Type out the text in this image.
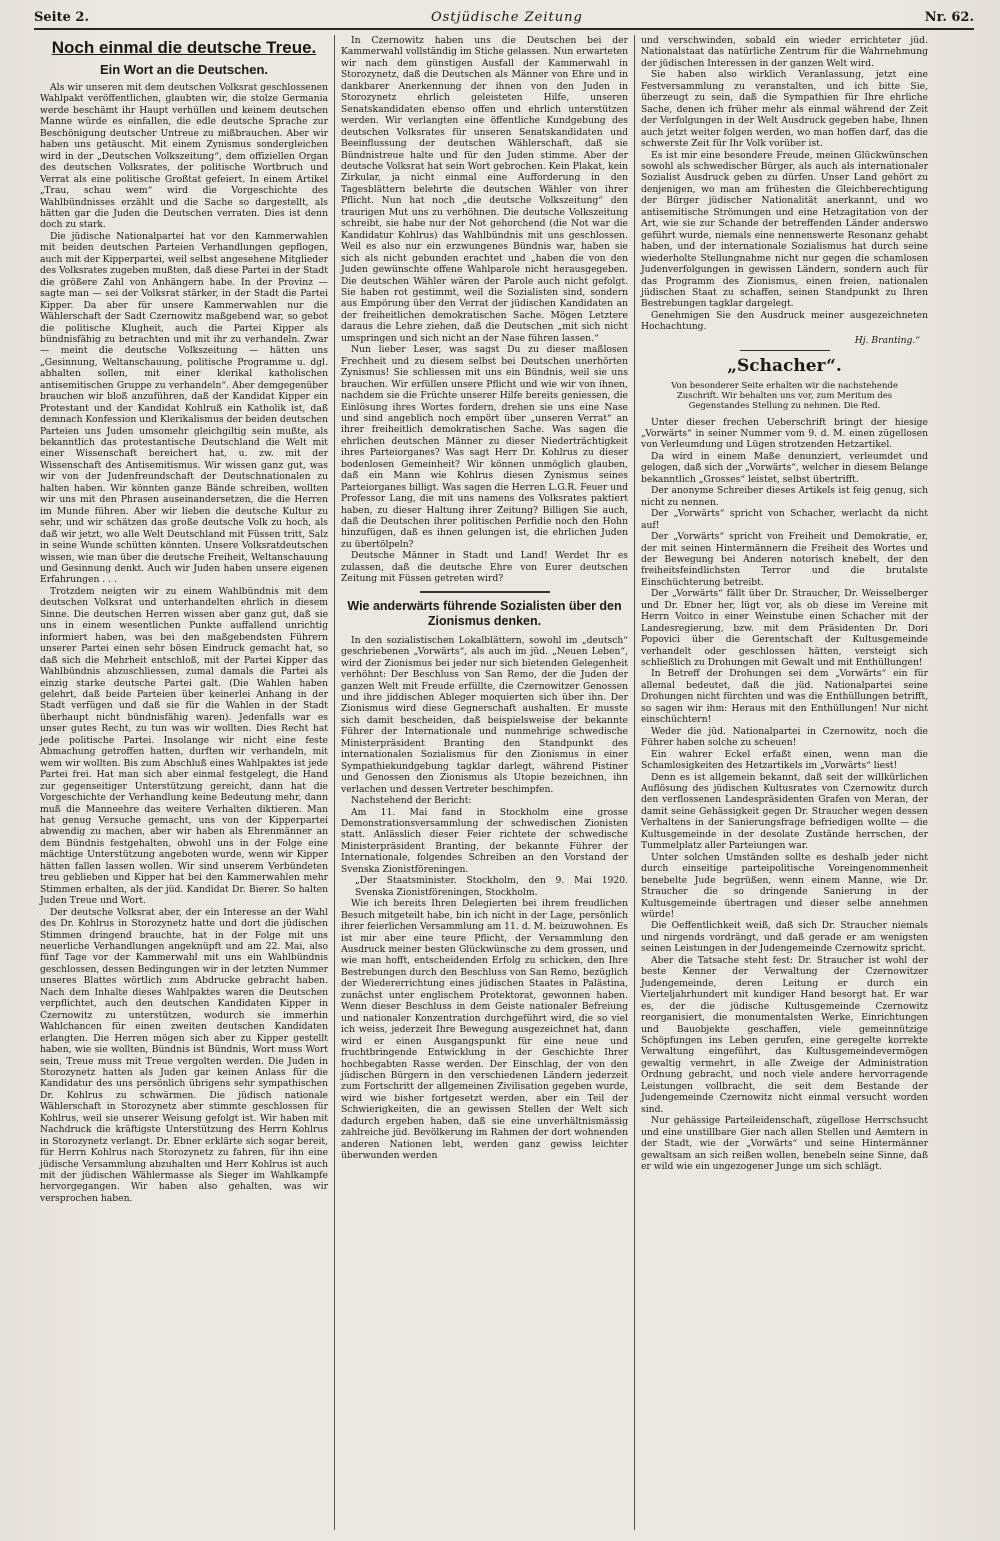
Seite 2.	Ostjüdische Zeitung	Nr. 62.
Noch einmal die deutsche Treue.
Ein Wort an die Deutschen.

Als wir unseren mit dem deutschen Volksrat geschlossenen Wahlpakt veröffentlichen, glaubten wir, die stolze Germania werde beschämt ihr Haupt verhüllen und keinem deutschen Manne würde es einfallen, die edle deutsche Sprache zur Beschönigung deutscher Untreue zu mißbrauchen. Aber wir haben uns getäuscht. Mit einem Zynismus sondergleichen wird in der „Deutschen Volkszeitung“, dem offiziellen Organ des deutschen Volksrates, der politische Wortbruch und Verrat als eine politische Großtat gefeiert. In einem Artikel „Trau, schau wem“ wird die Vorgeschichte des Wahlbündnisses erzählt und die Sache so dargestellt, als hätten gar die Juden die Deutschen verraten. Dies ist denn doch zu stark.

Die jüdische Nationalpartei hat vor den Kammerwahlen mit beiden deutschen Parteien Verhandlungen gepflogen, auch mit der Kipperpartei, weil selbst angesehene Mitglieder des Volksrates zugeben mußten, daß diese Partei in der Stadt die größere Zahl von Anhängern habe. In der Provinz — sagte man — sei der Volksrat stärker, in der Stadt die Partei Kipper. Da aber für unsere Kammerwahlen nur die Wählerschaft der Sadt Czernowitz maßgebend war, so gebot die politische Klugheit, auch die Partei Kipper als bündnisfähig zu betrachten und mit ihr zu verhandeln. Zwar — meint die deutsche Volkszeitung — hätten uns „Gesinnung, Weltanschauung, politische Programme u. dgl. abhalten sollen, mit einer klerikal katholischen antisemitischen Gruppe zu verhandeln“. Aber demgegenüber brauchen wir bloß anzuführen, daß der Kandidat Kipper ein Protestant und der Kandidat Kohlruß ein Katholik ist, daß demnach Konfession und Klerikalismus der beiden deutschen Parteien uns Juden umsomehr gleichgiltig sein mußte, als bekanntlich das protestantische Deutschland die Welt mit einer Wissenschaft bereichert hat, u. zw. mit der Wissenschaft des Antisemitismus. Wir wissen ganz gut, was wir von der Judenfreundschaft der Deutschnationalen zu halten haben. Wir könnten ganze Bände schreiben, wollten wir uns mit den Phrasen auseinandersetzen, die die Herren im Munde führen. Aber wir lieben die deutsche Kultur zu sehr, und wir schätzen das große deutsche Volk zu hoch, als daß wir jetzt, wo alle Welt Deutschland mit Füssen tritt, Salz in seine Wunde schütten könnten. Unsere Volksratdeutschen wissen, wie man über die deutsche Freiheit, Weltanschauung und Gesinnung denkt. Auch wir Juden haben unsere eigenen Erfahrungen . . .

Trotzdem neigten wir zu einem Wahlbündnis mit dem deutschen Volksrat und unterhandelten ehrlich in diesem Sinne. Die deutschen Herren wissen aber ganz gut, daß sie uns in einem wesentlichen Punkte auffallend unrichtig informiert haben, was bei den maßgebendsten Führern unserer Partei einen sehr bösen Eindruck gemacht hat, so daß sich die Mehrheit entschloß, mit der Partei Kipper das Wahlbündnis abzuschliessen, zumal damals die Partei als einzig starke deutsche Partei galt. (Die Wahlen haben gelehrt, daß beide Parteien über keinerlei Anhang in der Stadt verfügen und daß sie für die Wahlen in der Stadt überhaupt nicht bündnisfähig waren). Jedenfalls war es unser gutes Recht, zu tun was wir wollten. Dies Recht hat jede politische Partei. Insolange wir nicht eine feste Abmachung getroffen hatten, durften wir verhandeln, mit wem wir wollten. Bis zum Abschluß eines Wahlpaktes ist jede Partei frei. Hat man sich aber einmal festgelegt, die Hand zur gegenseitiger Unterstützung gereicht, dann hat die Vorgeschichte der Verhandlung keine Bedeutung mehr, dann muß die Manneehre das weitere Verhalten diktieren. Man hat genug Versuche gemacht, uns von der Kipperpartei abwendig zu machen, aber wir haben als Ehrenmänner an dem Bündnis festgehalten, obwohl uns in der Folge eine mächtige Unterstützung angeboten wurde, wenn wir Kipper hätten fallen lassen wollen. Wir sind unserem Verbündeten treu geblieben und Kipper hat bei den Kammerwahlen mehr Stimmen erhalten, als der jüd. Kandidat Dr. Bierer. So halten Juden Treue und Wort.

Der deutsche Volksrat aber, der ein Interesse an der Wahl des Dr. Kohlrus in Storozynetz hatte und dort die jüdischen Stimmen dringend brauchte, hat in der Folge mit uns neuerliche Verhandlungen angeknüpft und am 22. Mai, also fünf Tage vor der Kammerwahl mit uns ein Wahlbündnis geschlossen, dessen Bedingungen wir in der letzten Nummer unseres Blattes wörtlich zum Abdrucke gebracht haben. Nach dem Inhalte dieses Wahlpaktes waren die Deutschen verpflichtet, auch den deutschen Kandidaten Kipper in Czernowitz zu unterstützen, wodurch sie immerhin Wahlchancen für einen zweiten deutschen Kandidaten erlangten. Die Herren mögen sich aber zu Kipper gestellt haben, wie sie wollten, Bündnis ist Bündnis, Wort muss Wort sein, Treue muss mit Treue vergolten werden. Die Juden in Storozynetz hatten als Juden gar keinen Anlass für die Kandidatur des uns persönlich übrigens sehr sympathischen Dr. Kohlrus zu schwärmen. Die jüdisch nationale Wählerschaft in Storozynetz aber stimmte geschlossen für Kohlrus, weil sie unserer Weisung gefolgt ist. Wir haben mit Nachdruck die kräftigste Unterstützung des Herrn Kohlrus in Storozynetz verlangt. Dr. Ebner erklärte sich sogar bereit, für Herrn Kohlrus nach Storozynetz zu fahren, für ihn eine jüdische Versammlung abzuhalten und Herr Kohlrus ist auch mit der jüdischen Wählermasse als Sieger im Wahlkampfe hervorgegangen. Wir haben also gehalten, was wir versprochen haben.

In Czernowitz haben uns die Deutschen bei der Kammerwahl vollständig im Stiche gelassen. Nun erwarteten wir nach dem günstigen Ausfall der Kammerwahl in Storozynetz, daß die Deutschen als Männer von Ehre und in dankbarer Anerkennung der ihnen von den Juden in Storozynetz ehrlich geleisteten Hilfe, unseren Senatskandidaten ebenso offen und ehrlich unterstützen werden. Wir verlangten eine öffentliche Kundgebung des deutschen Volksrates für unseren Senatskandidaten und Beeinflussung der deutschen Wählerschaft, daß sie Bündnistreue halte und für den Juden stimme. Aber der deutsche Volksrat hat sein Wort gebrochen. Kein Plakat, kein Zirkular, ja nicht einmal eine Aufforderung in den Tagesblättern belehrte die deutschen Wähler von ihrer Pflicht. Nun hat noch „die deutsche Volkszeitung“ den traurigen Mut uns zu verhöhnen. Die deutsche Volkszeitung schreibt, sie habe nur der Not gehorchend (die Not war die Kandidatur Kohlrus) das Wahlbündnis mit uns geschlossen. Weil es also nur ein erzwungenes Bündnis war, haben sie sich als nicht gebunden erachtet und „haben die von den Juden gewünschte offene Wahlparole nicht herausgegeben. Die deutschen Wähler wären der Parole auch nicht gefolgt. Sie haben rot gestimmt, weil die Sozialisten sind, sondern aus Empörung über den Verrat der jüdischen Kandidaten an der freiheitlichen demokratischen Sache. Mögen Letztere daraus die Lehre ziehen, daß die Deutschen „mit sich nicht umspringen und sich nicht an der Nase führen lassen.“

Nun lieber Leser, was sagst Du zu dieser maßlosen Frechheit und zu diesem selbst bei Deutschen unerhörten Zynismus! Sie schliessen mit uns ein Bündnis, weil sie uns brauchen. Wir erfüllen unsere Pflicht und wie wir von ihnen, nachdem sie die Früchte unserer Hilfe bereits geniessen, die Einlösung ihres Wortes fordern, drehen sie uns eine Nase und sind angeblich noch empört über „unseren Verrat“ an ihrer freiheitlich demokratischen Sache. Was sagen die ehrlichen deutschen Männer zu dieser Niederträchtigkeit ihres Parteiorganes? Was sagt Herr Dr. Kohlrus zu dieser bodenlosen Gemeinheit? Wir können unmöglich glauben, daß ein Mann wie Kohlrus diesen Zynismus seines Parteiorganes billigt. Was sagen die Herren L.G.R. Feuer und Professor Lang, die mit uns namens des Volksrates paktiert haben, zu dieser Haltung ihrer Zeitung? Billigen Sie auch, daß die Deutschen ihrer politischen Perfidie noch den Hohn hinzufügen, daß es ihnen gelungen ist, die ehrlichen Juden zu übertölpeln?

Deutsche Männer in Stadt und Land! Werdet Ihr es zulassen, daß die deutsche Ehre von Eurer deutschen Zeitung mit Füssen getreten wird?

Wie anderwärts führende Sozialisten über den Zionismus denken.

In den sozialistischen Lokalblättern, sowohl im „deutsch“ geschriebenen „Vorwärts“, als auch im jüd. „Neuen Leben“, wird der Zionismus bei jeder nur sich bietenden Gelegenheit verhöhnt: Der Beschluss von San Remo, der die Juden der ganzen Welt mit Freude erfüllte, die Czernowitzer Genossen und ihre jiddischen Ableger moquierten sich über ihn. Der Zionismus wird diese Gegnerschaft aushalten. Er musste sich damit bescheiden, daß beispielsweise der bekannte Führer der Internationale und nunmehrige schwedische Ministerpräsident Branting den Standpunkt des internationalen Sozialismus für den Zionismus in einer Sympathiekundgebung tagklar darlegt, während Pistiner und Genossen den Zionismus als Utopie bezeichnen, ihn verlachen und dessen Vertreter beschimpfen.

Nachstehend der Bericht:

Am 11. Mai fand in Stockholm eine grosse Demonstrationsversammlung der schwedischen Zionisten statt. Anlässlich dieser Feier richtete der schwedische Ministerpräsident Branting, der bekannte Führer der Internationale, folgendes Schreiben an den Vorstand der Svenska Zionistföreningen.

„Der Staatsminister. Stockholm, den 9. Mai 1920. Svenska Zionistföreningen, Stockholm.

Wie ich bereits Ihren Delegierten bei ihrem freudlichen Besuch mitgeteilt habe, bin ich nicht in der Lage, persönlich ihrer feierlichen Versammlung am 11. d. M. beizuwohnen. Es ist mir aber eine teure Pflicht, der Versammlung den Ausdruck meiner besten Glückwünsche zu dem grossen, und wie man hofft, entscheidenden Erfolg zu schicken, den Ihre Bestrebungen durch den Beschluss von San Remo, bezüglich der Wiedererrichtung eines jüdischen Staates in Palästina, zunächst unter englischem Protektorat, gewonnen haben. Wenn dieser Beschluss in dem Geiste nationaler Befreiung und nationaler Konzentration durchgeführt wird, die so viel ich weiss, jederzeit Ihre Bewegung ausgezeichnet hat, dann wird er einen Ausgangspunkt für eine neue und fruchtbringende Entwicklung in der Geschichte Ihrer hochbegabten Rasse werden. Der Einschlag, der von den jüdischen Bürgern in den verschiedenen Ländern jederzeit zum Fortschritt der allgemeinen Zivilisation gegeben wurde, wird wie bisher fortgesetzt werden, aber ein Teil der Schwierigkeiten, die an gewissen Stellen der Welt sich dadurch ergeben haben, daß sie eine unverhältnismässig zahlreiche jüd. Bevölkerung im Rahmen der dort wohnenden anderen Nationen lebt, werden ganz gewiss leichter überwunden werden

und verschwinden, sobald ein wieder errichteter jüd. Nationalstaat das natürliche Zentrum für die Wahrnehmung der jüdischen Interessen in der ganzen Welt wird.

Sie haben also wirklich Veranlassung, jetzt eine Festversammlung zu veranstalten, und ich bitte Sie, überzeugt zu sein, daß die Sympathien für Ihre ehrliche Sache, denen ich früher mehr als einmal während der Zeit der Verfolgungen in der Welt Ausdruck gegeben habe, Ihnen auch jetzt weiter folgen werden, wo man hoffen darf, das die schwerste Zeit für Ihr Volk vorüber ist.

Es ist mir eine besondere Freude, meinen Glückwünschen sowohl als schwedischer Bürger, als auch als internationaler Sozialist Ausdruck geben zu dürfen. Unser Land gehört zu denjenigen, wo man am frühesten die Gleichberechtigung der Bürger jüdischer Nationalität anerkannt, und wo antisemitische Strömungen und eine Hetzagitation von der Art, wie sie zur Schande der betreffenden Länder anderswo geführt wurde, niemals eine nennenswerte Resonanz gehabt haben, und der internationale Sozialismus hat durch seine wiederholte Stellungnahme nicht nur gegen die schamlosen Judenverfolgungen in gewissen Ländern, sondern auch für das Programm des Zionismus, einen freien, nationalen jüdischen Staat zu schaffen, seinen Standpunkt zu Ihren Bestrebungen tagklar dargelegt.

Genehmigen Sie den Ausdruck meiner ausgezeichneten Hochachtung.

Hj. Branting.“
„Schacher“.
Von besonderer Seite erhalten wir die nachstehende Zuschrift. Wir behalten uns vor, zum Meritum des Gegenstandes Stellung zu nehmen. Die Red.

Unter dieser frechen Ueberschrift bringt der hiesige „Vorwärts“ in seiner Nummer vom 9. d. M. einen zügellosen von Verleumdung und Lügen strotzenden Hetzartikel.

Da wird in einem Maße denunziert, verleumdet und gelogen, daß sich der „Vorwärts“, welcher in diesem Belange bekanntlich „Grosses“ leistet, selbst übertrifft.

Der anonyme Schreiber dieses Artikels ist feig genug, sich nicht zu nennen.

Der „Vorwärts“ spricht von Schacher, werlacht da nicht auf!

Der „Vorwärts“ spricht von Freiheit und Demokratie, er, der mit seinen Hintermännern die Freiheit des Wortes und der Bewegung bei Anderen notorisch knebelt, der den freiheitsfeindlichsten Terror und die brutalste Einschüchterung betreibt.

Der „Vorwärts“ fällt über Dr. Straucher, Dr. Weisselberger und Dr. Ebner her, lügt vor, als ob diese im Vereine mit Herrn Voitco in einer Weinstube einen Schacher mit der Landesregierung, bzw. mit dem Präsidenten Dr. Dori Popovici über die Gerentschaft der Kultusgemeinde verhandelt oder geschlossen hätten, versteigt sich schließlich zu Drohungen mit Gewalt und mit Enthüllungen!

In Betreff der Drohungen sei dem „Vorwärts“ ein für allemal bedeutet, daß die jüd. Nationalpartei seine Drohungen nicht fürchten und was die Enthüllungen betrifft, so sagen wir ihm: Heraus mit den Enthüllungen! Nur nicht einschüchtern!

Weder die jüd. Nationalpartei in Czernowitz, noch die Führer haben solche zu scheuen!

Ein wahrer Eckel erfaßt einen, wenn man die Schamlosigkeiten des Hetzartikels im „Vorwärts“ liest!

Denn es ist allgemein bekannt, daß seit der willkürlichen Auflösung des jüdischen Kultusrates von Czernowitz durch den verflossenen Landespräsidenten Grafen von Meran, der damit seine Gehässigkeit gegen Dr. Straucher wegen dessen Verhaltens in der Sanierungsfrage befriedigen wollte — die Kultusgemeinde in der desolate Zustände herrschen, der Tummelplatz aller Parteiungen war.

Unter solchen Umständen sollte es deshalb jeder nicht durch einseitige parteipolitische Voreingenommenheit benebelte Jude begrüßen, wenn einem Manne, wie Dr. Straucher die so dringende Sanierung in der Kultusgemeinde übertragen und dieser selbe annehmen würde!

Die Oeffentlichkeit weiß, daß sich Dr. Straucher niemals und nirgends vordrängt, und daß gerade er am wenigsten seinen Leistungen in der Judengemeinde Czernowitz spricht.

Aber die Tatsache steht fest: Dr. Straucher ist wohl der beste Kenner der Verwaltung der Czernowitzer Judengemeinde, deren Leitung er durch ein Vierteljahrhundert mit kundiger Hand besorgt hat. Er war es, der die jüdische Kultusgemeinde Czernowitz reorganisiert, die monumentalsten Werke, Einrichtungen und Bauobjekte geschaffen, viele gemeinnützige Schöpfungen ins Leben gerufen, eine geregelte korrekte Verwaltung eingeführt, das Kultusgemeindevermögen gewaltig vermehrt, in alle Zweige der Administration Ordnung gebracht, und noch viele andere hervorragende Leistungen vollbracht, die seit dem Bestande der Judengemeinde Czernowitz nicht einmal versucht worden sind.

Nur gehässige Parteileidenschaft, zügellose Herrschsucht und eine unstillbare Gier nach allen Stellen und Aemtern in der Stadt, wie der „Vorwärts“ und seine Hintermänner gewaltsam an sich reißen wollen, benebeln seine Sinne, daß er wild wie ein ungezogener Junge um sich schlägt.
